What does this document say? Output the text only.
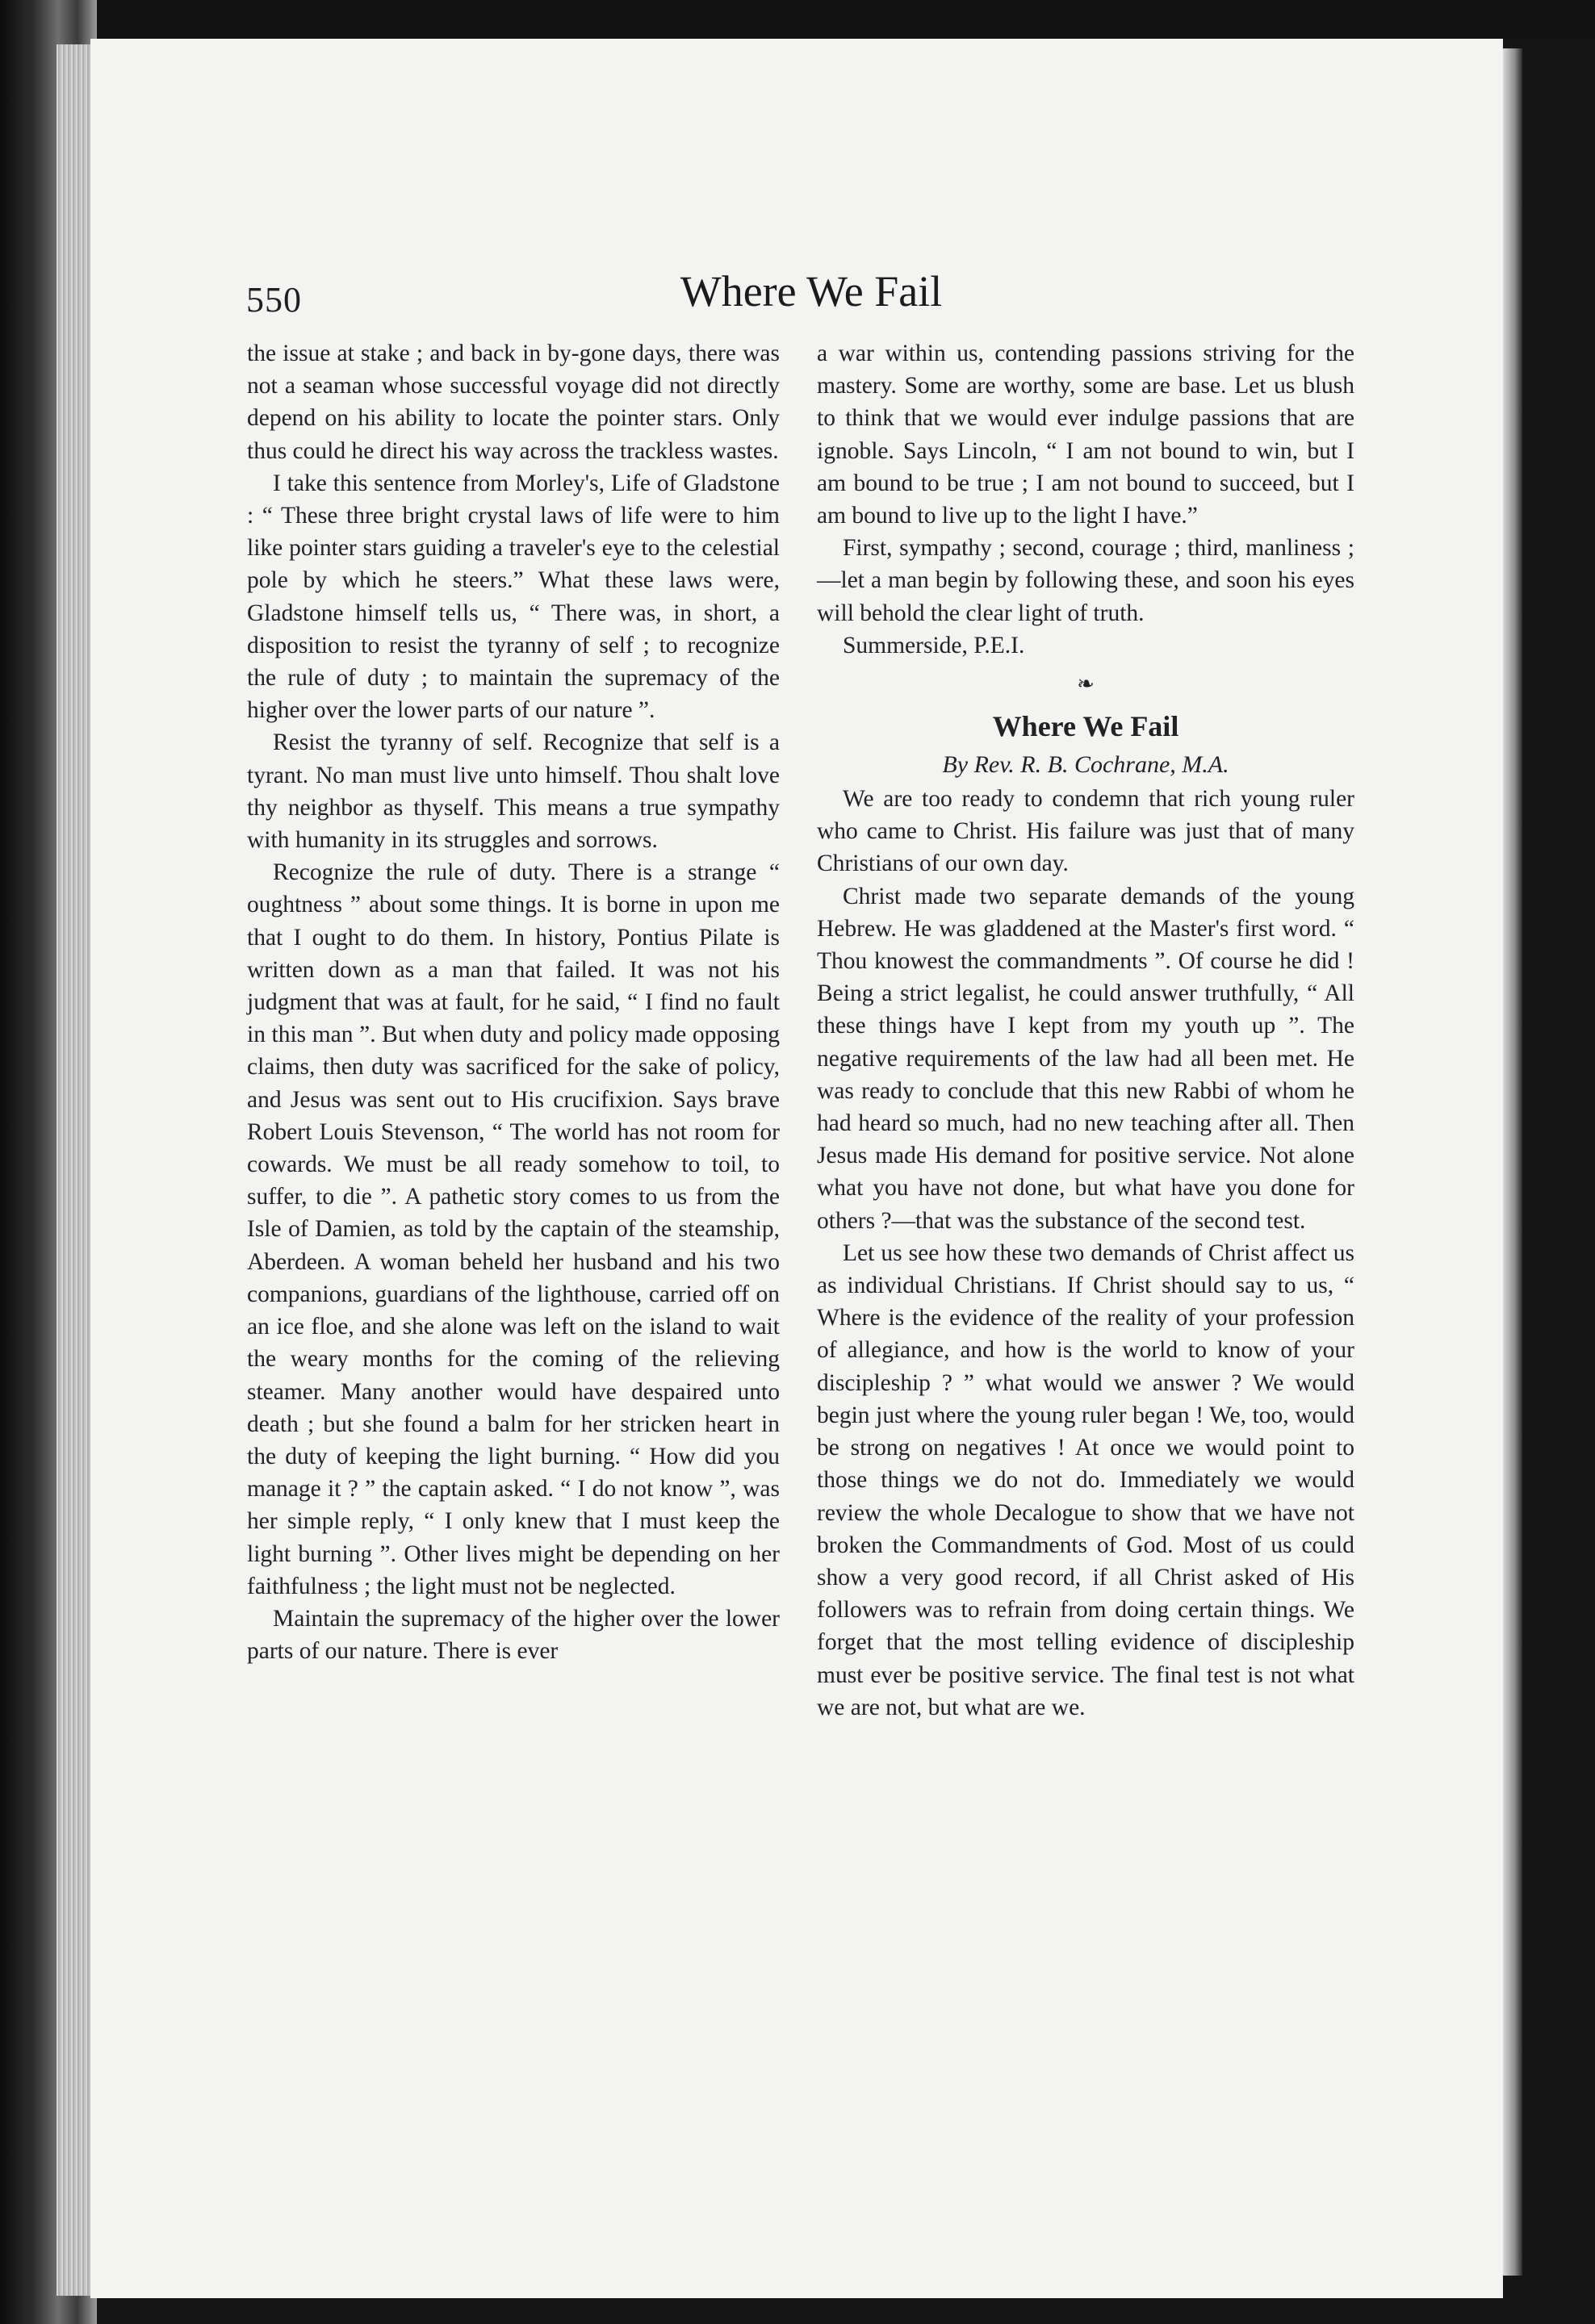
550	Where We Fail

the issue at stake ; and back in by-gone days, there was not a seaman whose successful voyage did not directly depend on his ability to locate the pointer stars. Only thus could he direct his way across the trackless wastes.

I take this sentence from Morley's, Life of Gladstone : “ These three bright crystal laws of life were to him like pointer stars guiding a traveler's eye to the celestial pole by which he steers.” What these laws were, Gladstone himself tells us, “ There was, in short, a disposition to resist the tyranny of self ; to recognize the rule of duty ; to maintain the supremacy of the higher over the lower parts of our nature ”.

Resist the tyranny of self. Recognize that self is a tyrant. No man must live unto himself. Thou shalt love thy neighbor as thyself. This means a true sympathy with humanity in its struggles and sorrows.

Recognize the rule of duty. There is a strange “ oughtness ” about some things. It is borne in upon me that I ought to do them. In history, Pontius Pilate is written down as a man that failed. It was not his judgment that was at fault, for he said, “ I find no fault in this man ”. But when duty and policy made opposing claims, then duty was sacrificed for the sake of policy, and Jesus was sent out to His crucifixion. Says brave Robert Louis Stevenson, “ The world has not room for cowards. We must be all ready somehow to toil, to suffer, to die ”. A pathetic story comes to us from the Isle of Damien, as told by the captain of the steamship, Aberdeen. A woman beheld her husband and his two companions, guardians of the lighthouse, carried off on an ice floe, and she alone was left on the island to wait the weary months for the coming of the relieving steamer. Many another would have despaired unto death ; but she found a balm for her stricken heart in the duty of keeping the light burning. “ How did you manage it ? ” the captain asked. “ I do not know ”, was her simple reply, “ I only knew that I must keep the light burning ”. Other lives might be depending on her faithfulness ; the light must not be neglected.

Maintain the supremacy of the higher over the lower parts of our nature. There is ever

a war within us, contending passions striving for the mastery. Some are worthy, some are base. Let us blush to think that we would ever indulge passions that are ignoble. Says Lincoln, “ I am not bound to win, but I am bound to be true ; I am not bound to succeed, but I am bound to live up to the light I have.”

First, sympathy ; second, courage ; third, manliness ;—let a man begin by following these, and soon his eyes will behold the clear light of truth.

Summerside, P.E.I.

❧

Where We Fail

By Rev. R. B. Cochrane, M.A.

We are too ready to condemn that rich young ruler who came to Christ. His failure was just that of many Christians of our own day.

Christ made two separate demands of the young Hebrew. He was gladdened at the Master's first word. “ Thou knowest the commandments ”. Of course he did ! Being a strict legalist, he could answer truthfully, “ All these things have I kept from my youth up ”. The negative requirements of the law had all been met. He was ready to conclude that this new Rabbi of whom he had heard so much, had no new teaching after all. Then Jesus made His demand for positive service. Not alone what you have not done, but what have you done for others ?—that was the substance of the second test.

Let us see how these two demands of Christ affect us as individual Christians. If Christ should say to us, “ Where is the evidence of the reality of your profession of allegiance, and how is the world to know of your discipleship ? ” what would we answer ? We would begin just where the young ruler began ! We, too, would be strong on negatives ! At once we would point to those things we do not do. Immediately we would review the whole Decalogue to show that we have not broken the Commandments of God. Most of us could show a very good record, if all Christ asked of His followers was to refrain from doing certain things. We forget that the most telling evidence of discipleship must ever be positive service. The final test is not what we are not, but what are we.
